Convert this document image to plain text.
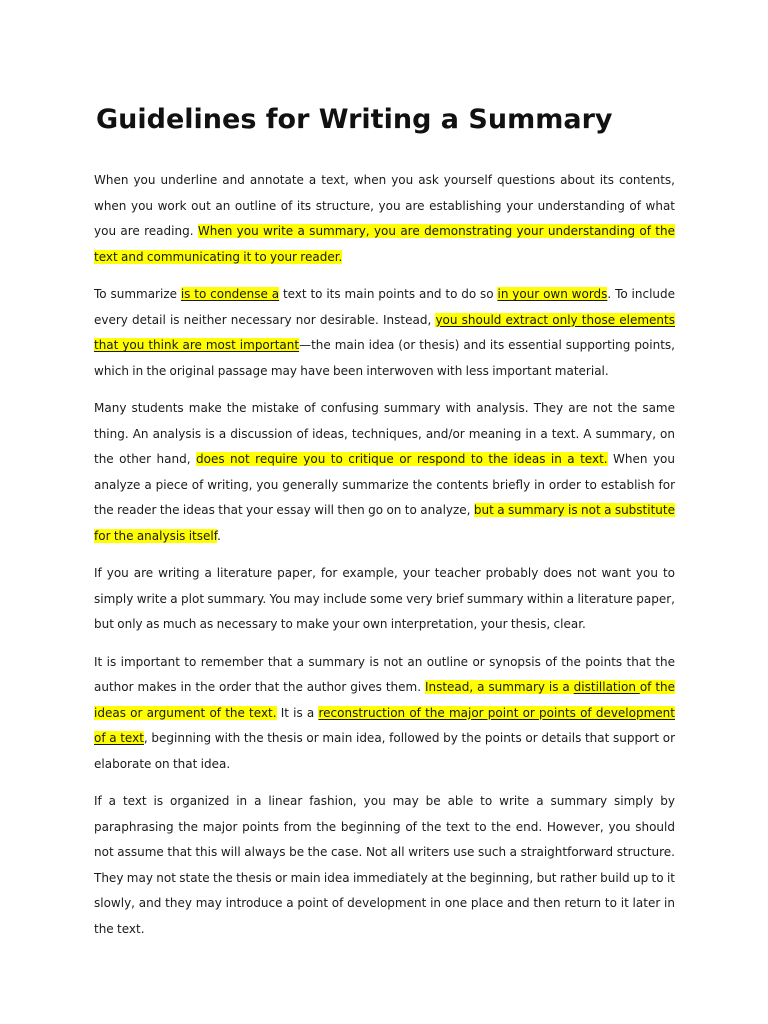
Guidelines for Writing a Summary

When you underline and annotate a text, when you ask yourself questions about its contents, when you work out an outline of its structure, you are establishing your understanding of what you are reading. When you write a summary, you are demonstrating your understanding of the text and communicating it to your reader.

To summarize is to condense a text to its main points and to do so in your own words. To include every detail is neither necessary nor desirable. Instead, you should extract only those elements that you think are most important—the main idea (or thesis) and its essential supporting points, which in the original passage may have been interwoven with less important material.

Many students make the mistake of confusing summary with analysis. They are not the same thing. An analysis is a discussion of ideas, techniques, and/or meaning in a text. A summary, on the other hand, does not require you to critique or respond to the ideas in a text. When you analyze a piece of writing, you generally summarize the contents briefly in order to establish for the reader the ideas that your essay will then go on to analyze, but a summary is not a substitute for the analysis itself.

If you are writing a literature paper, for example, your teacher probably does not want you to simply write a plot summary. You may include some very brief summary within a literature paper, but only as much as necessary to make your own interpretation, your thesis, clear.

It is important to remember that a summary is not an outline or synopsis of the points that the author makes in the order that the author gives them. Instead, a summary is a distillation of the ideas or argument of the text. It is a reconstruction of the major point or points of development of a text, beginning with the thesis or main idea, followed by the points or details that support or elaborate on that idea.

If a text is organized in a linear fashion, you may be able to write a summary simply by paraphrasing the major points from the beginning of the text to the end. However, you should not assume that this will always be the case. Not all writers use such a straightforward structure. They may not state the thesis or main idea immediately at the beginning, but rather build up to it slowly, and they may introduce a point of development in one place and then return to it later in the text.
